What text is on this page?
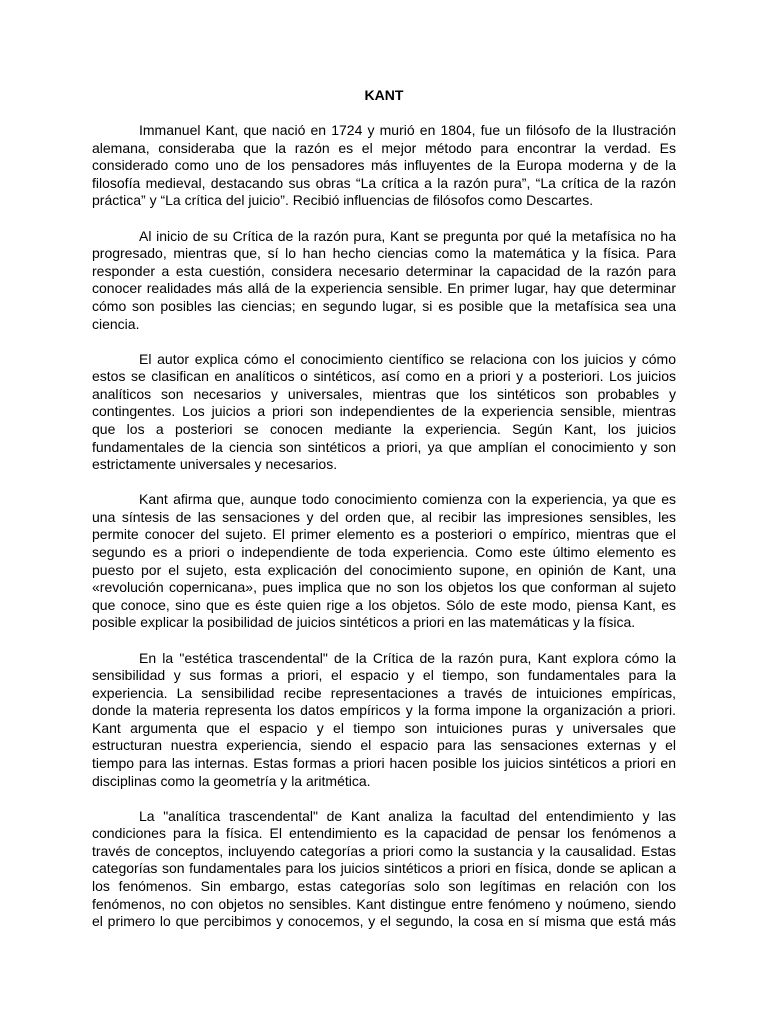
KANT
Immanuel Kant, que nació en 1724 y murió en 1804, fue un filósofo de la Ilustración
alemana, consideraba que la razón es el mejor método para encontrar la verdad. Es
considerado como uno de los pensadores más influyentes de la Europa moderna y de la
filosofía medieval, destacando sus obras “La crítica a la razón pura”, “La crítica de la razón
práctica” y “La crítica del juicio”. Recibió influencias de filósofos como Descartes.
Al inicio de su Crítica de la razón pura, Kant se pregunta por qué la metafísica no ha
progresado, mientras que, sí lo han hecho ciencias como la matemática y la física. Para
responder a esta cuestión, considera necesario determinar la capacidad de la razón para
conocer realidades más allá de la experiencia sensible. En primer lugar, hay que determinar
cómo son posibles las ciencias; en segundo lugar, si es posible que la metafísica sea una
ciencia.
El autor explica cómo el conocimiento científico se relaciona con los juicios y cómo
estos se clasifican en analíticos o sintéticos, así como en a priori y a posteriori. Los juicios
analíticos son necesarios y universales, mientras que los sintéticos son probables y
contingentes. Los juicios a priori son independientes de la experiencia sensible, mientras
que los a posteriori se conocen mediante la experiencia. Según Kant, los juicios
fundamentales de la ciencia son sintéticos a priori, ya que amplían el conocimiento y son
estrictamente universales y necesarios.
Kant afirma que, aunque todo conocimiento comienza con la experiencia, ya que es
una síntesis de las sensaciones y del orden que, al recibir las impresiones sensibles, les
permite conocer del sujeto. El primer elemento es a posteriori o empírico, mientras que el
segundo es a priori o independiente de toda experiencia. Como este último elemento es
puesto por el sujeto, esta explicación del conocimiento supone, en opinión de Kant, una
«revolución copernicana», pues implica que no son los objetos los que conforman al sujeto
que conoce, sino que es éste quien rige a los objetos. Sólo de este modo, piensa Kant, es
posible explicar la posibilidad de juicios sintéticos a priori en las matemáticas y la física.
En la "estética trascendental" de la Crítica de la razón pura, Kant explora cómo la
sensibilidad y sus formas a priori, el espacio y el tiempo, son fundamentales para la
experiencia. La sensibilidad recibe representaciones a través de intuiciones empíricas,
donde la materia representa los datos empíricos y la forma impone la organización a priori.
Kant argumenta que el espacio y el tiempo son intuiciones puras y universales que
estructuran nuestra experiencia, siendo el espacio para las sensaciones externas y el
tiempo para las internas. Estas formas a priori hacen posible los juicios sintéticos a priori en
disciplinas como la geometría y la aritmética.
La "analítica trascendental" de Kant analiza la facultad del entendimiento y las
condiciones para la física. El entendimiento es la capacidad de pensar los fenómenos a
través de conceptos, incluyendo categorías a priori como la sustancia y la causalidad. Estas
categorías son fundamentales para los juicios sintéticos a priori en física, donde se aplican a
los fenómenos. Sin embargo, estas categorías solo son legítimas en relación con los
fenómenos, no con objetos no sensibles. Kant distingue entre fenómeno y noúmeno, siendo
el primero lo que percibimos y conocemos, y el segundo, la cosa en sí misma que está más
